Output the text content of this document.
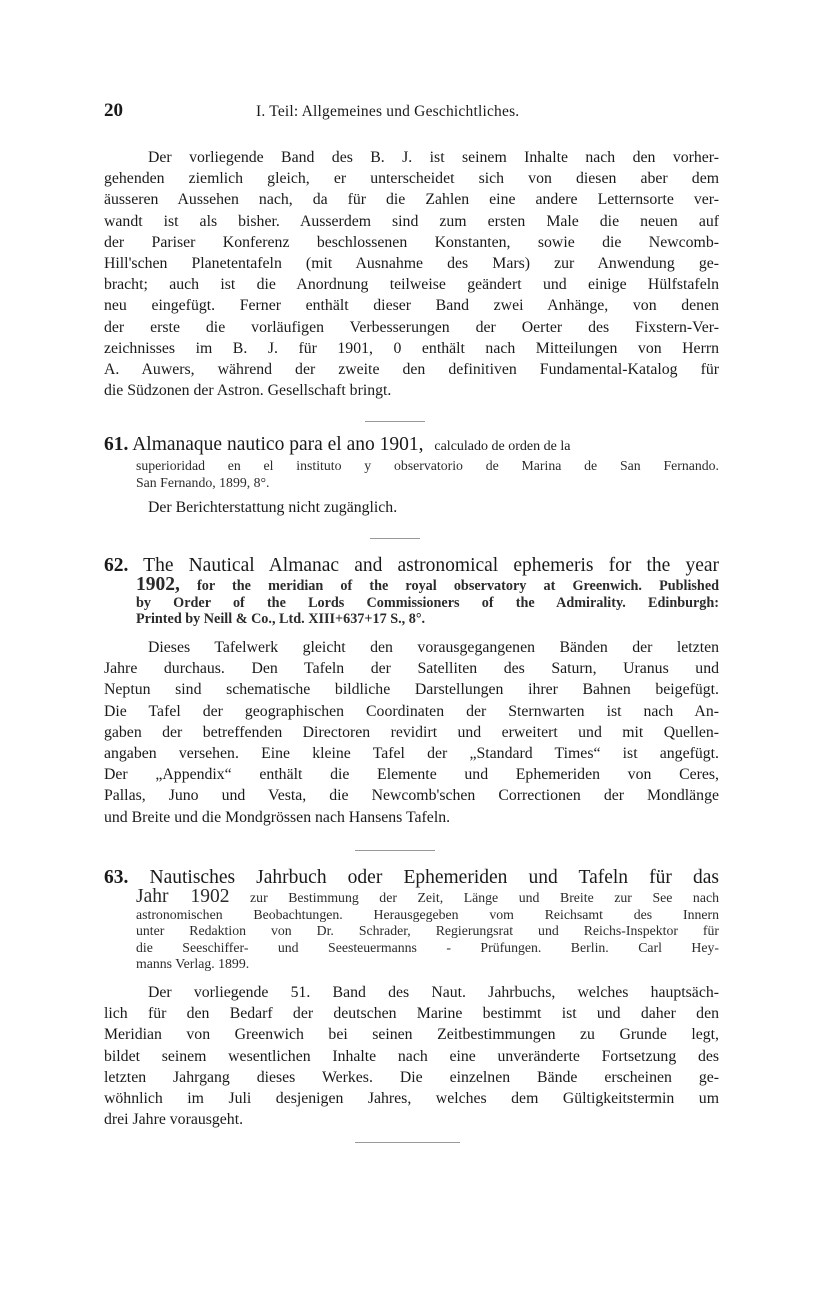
20	I. Teil: Allgemeines und Geschichtliches.
Der vorliegende Band des B. J. ist seinem Inhalte nach den vorher-
gehenden ziemlich gleich, er unterscheidet sich von diesen aber dem
äusseren Aussehen nach, da für die Zahlen eine andere Letternsorte ver-
wandt ist als bisher. Ausserdem sind zum ersten Male die neuen auf
der Pariser Konferenz beschlossenen Konstanten, sowie die Newcomb-
Hill'schen Planetentafeln (mit Ausnahme des Mars) zur Anwendung ge-
bracht; auch ist die Anordnung teilweise geändert und einige Hülfstafeln
neu eingefügt. Ferner enthält dieser Band zwei Anhänge, von denen
der erste die vorläufigen Verbesserungen der Oerter des Fixstern-Ver-
zeichnisses im B. J. für 1901, 0 enthält nach Mitteilungen von Herrn
A. Auwers, während der zweite den definitiven Fundamental-Katalog für
die Südzonen der Astron. Gesellschaft bringt.
61. Almanaque nautico para el ano 1901, calculado de orden de la
superioridad en el instituto y observatorio de Marina de San Fernando.
San Fernando, 1899, 8°.
Der Berichterstattung nicht zugänglich.
62. The Nautical Almanac and astronomical ephemeris for the year
1902, for the meridian of the royal observatory at Greenwich. Published
by Order of the Lords Commissioners of the Admirality. Edinburgh:
Printed by Neill & Co., Ltd. XIII+637+17 S., 8°.
Dieses Tafelwerk gleicht den vorausgegangenen Bänden der letzten
Jahre durchaus. Den Tafeln der Satelliten des Saturn, Uranus und
Neptun sind schematische bildliche Darstellungen ihrer Bahnen beigefügt.
Die Tafel der geographischen Coordinaten der Sternwarten ist nach An-
gaben der betreffenden Directoren revidirt und erweitert und mit Quellen-
angaben versehen. Eine kleine Tafel der „Standard Times“ ist angefügt.
Der „Appendix“ enthält die Elemente und Ephemeriden von Ceres,
Pallas, Juno und Vesta, die Newcomb'schen Correctionen der Mondlänge
und Breite und die Mondgrössen nach Hansens Tafeln.
63. Nautisches Jahrbuch oder Ephemeriden und Tafeln für das
Jahr 1902 zur Bestimmung der Zeit, Länge und Breite zur See nach
astronomischen Beobachtungen. Herausgegeben vom Reichsamt des Innern
unter Redaktion von Dr. Schrader, Regierungsrat und Reichs-Inspektor für
die Seeschiffer- und Seesteuermanns - Prüfungen. Berlin. Carl Hey-
manns Verlag. 1899.
Der vorliegende 51. Band des Naut. Jahrbuchs, welches hauptsäch-
lich für den Bedarf der deutschen Marine bestimmt ist und daher den
Meridian von Greenwich bei seinen Zeitbestimmungen zu Grunde legt,
bildet seinem wesentlichen Inhalte nach eine unveränderte Fortsetzung des
letzten Jahrgang dieses Werkes. Die einzelnen Bände erscheinen ge-
wöhnlich im Juli desjenigen Jahres, welches dem Gültigkeitstermin um
drei Jahre vorausgeht.
